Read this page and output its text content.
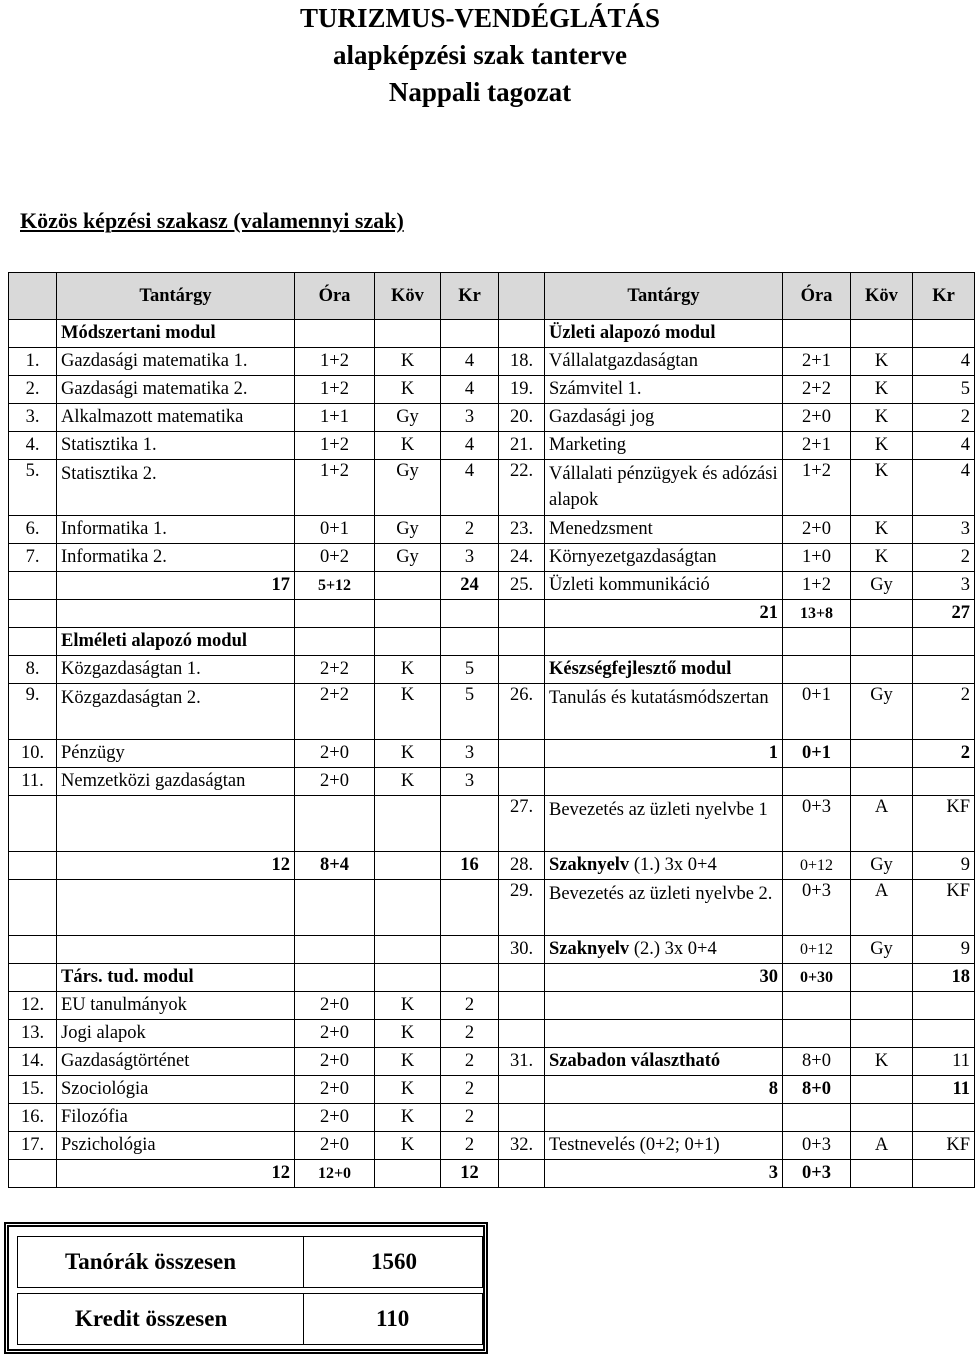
TURIZMUS-VENDÉGLÁTÁS
alapképzési szak tanterve
Nappali tagozat
Közös képzési szakasz (valamennyi szak)
	Tantárgy	Óra	Köv	Kr		Tantárgy	Óra	Köv	Kr
	Módszertani modul					Üzleti alapozó modul			
1.	Gazdasági matematika 1.	1+2	K	4	18.	Vállalatgazdaságtan	2+1	K	4
2.	Gazdasági matematika 2.	1+2	K	4	19.	Számvitel 1.	2+2	K	5
3.	Alkalmazott matematika	1+1	Gy	3	20.	Gazdasági jog	2+0	K	2
4.	Statisztika 1.	1+2	K	4	21.	Marketing	2+1	K	4
5.	Statisztika 2.	1+2	Gy	4	22.	Vállalati pénzügyek és adózási alapok	1+2	K	4
6.	Informatika 1.	0+1	Gy	2	23.	Menedzsment	2+0	K	3
7.	Informatika 2.	0+2	Gy	3	24.	Környezetgazdaságtan	1+0	K	2
	17	5+12		24	25.	Üzleti kommunikáció	1+2	Gy	3
						21	13+8		27
	Elméleti alapozó modul								
8.	Közgazdaságtan 1.	2+2	K	5		Készségfejlesztő modul			
9.	Közgazdaságtan 2.	2+2	K	5	26.	Tanulás és kutatásmódszertan	0+1	Gy	2
10.	Pénzügy	2+0	K	3		1	0+1		2
11.	Nemzetközi gazdaságtan	2+0	K	3					
					27.	Bevezetés az üzleti nyelvbe 1	0+3	A	KF
	12	8+4		16	28.	Szaknyelv (1.) 3x 0+4	0+12	Gy	9
					29.	Bevezetés az üzleti nyelvbe 2.	0+3	A	KF
					30.	Szaknyelv (2.) 3x 0+4	0+12	Gy	9
	Társ. tud. modul					30	0+30		18
12.	EU tanulmányok	2+0	K	2					
13.	Jogi alapok	2+0	K	2					
14.	Gazdaságtörténet	2+0	K	2	31.	Szabadon választható	8+0	K	11
15.	Szociológia	2+0	K	2		8	8+0		11
16.	Filozófia	2+0	K	2					
17.	Pszichológia	2+0	K	2	32.	Testnevelés (0+2; 0+1)	0+3	A	KF
	12	12+0		12		3	0+3		
Tanórák összesen	1560
Kredit összesen	110
